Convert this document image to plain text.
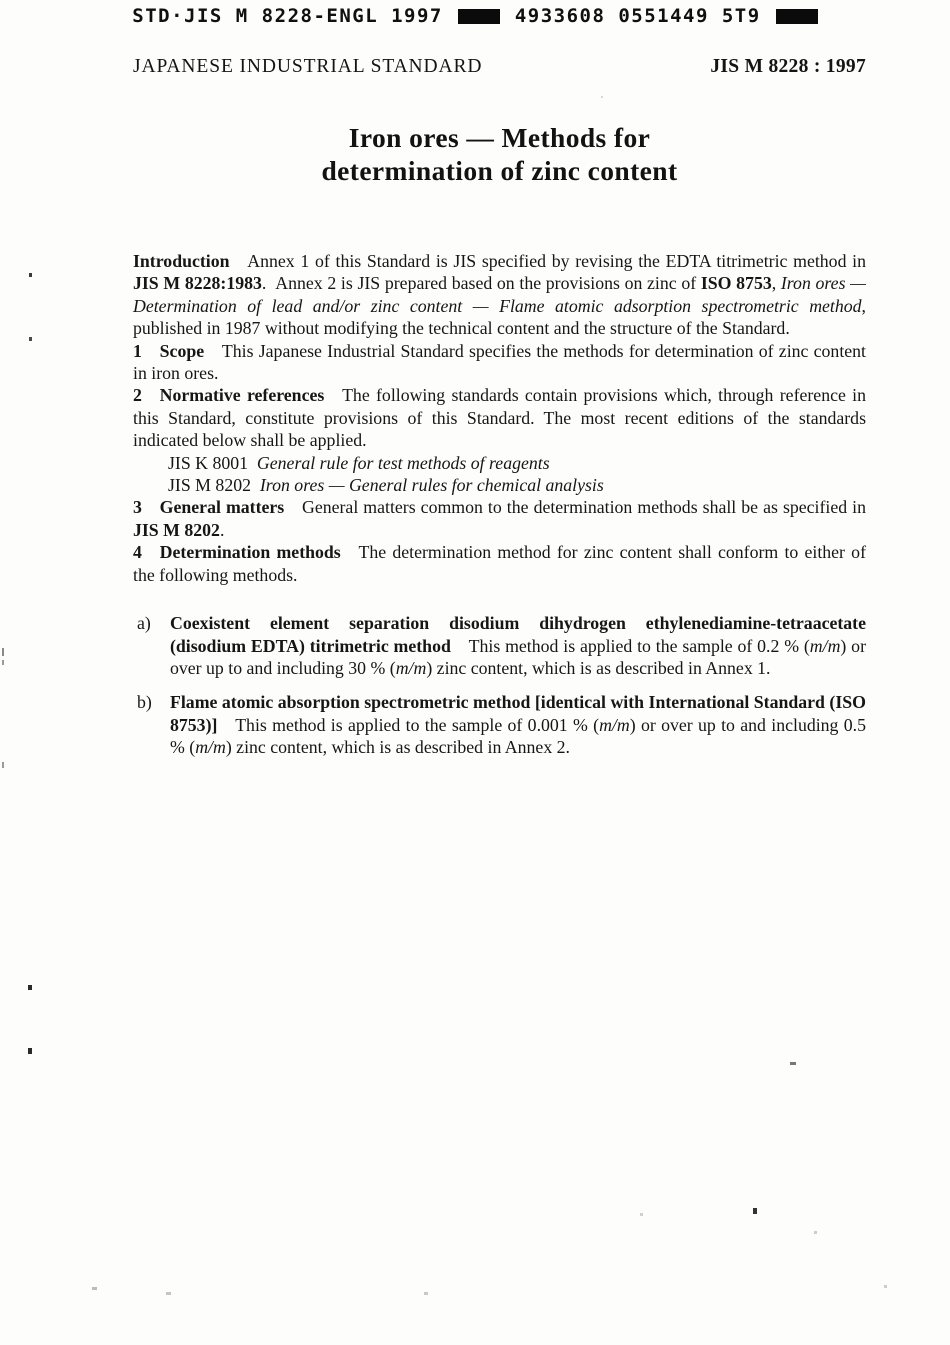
STD·JIS M 8228-ENGL 1997	4933608 0551449 5T9
JAPANESE INDUSTRIAL STANDARD	JIS M 8228 : 1997
Iron ores — Methods for
determination of zinc content

Introduction Annex 1 of this Standard is JIS specified by revising the EDTA titrimetric method in JIS M 8228:1983. Annex 2 is JIS prepared based on the provisions on zinc of ISO 8753, Iron ores — Determination of lead and/or zinc content — Flame atomic adsorption spectrometric method, published in 1987 without modifying the technical content and the structure of the Standard.

1 Scope This Japanese Industrial Standard specifies the methods for determination of zinc content in iron ores.

2 Normative references The following standards contain provisions which, through reference in this Standard, constitute provisions of this Standard. The most recent editions of the standards indicated below shall be applied.

JIS K 8001 General rule for test methods of reagents

JIS M 8202 Iron ores — General rules for chemical analysis

3 General matters General matters common to the determination methods shall be as specified in JIS M 8202.

4 Determination methods The determination method for zinc content shall conform to either of the following methods.

a)	Coexistent element separation disodium dihydrogen ethylenediamine-tetraacetate (disodium EDTA) titrimetric method This method is applied to the sample of 0.2 % (m/m) or over up to and including 30 % (m/m) zinc content, which is as described in Annex 1.
b)	Flame atomic absorption spectrometric method [identical with International Standard (ISO 8753)] This method is applied to the sample of 0.001 % (m/m) or over up to and including 0.5 % (m/m) zinc content, which is as described in Annex 2.
